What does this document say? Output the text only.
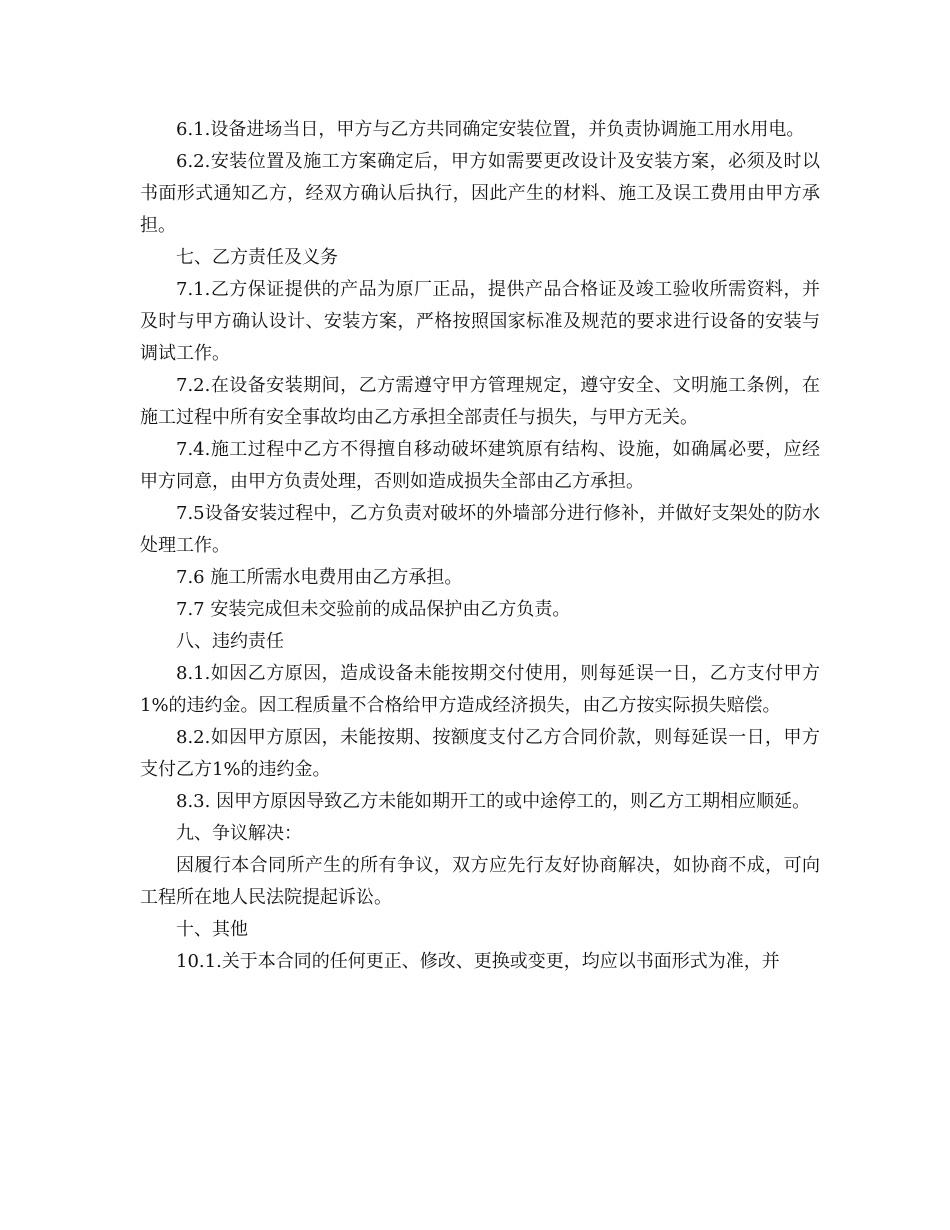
6.1.设备进场当日，甲方与乙方共同确定安装位置，并负责协调施工用水用电。

6.2.安装位置及施工方案确定后，甲方如需要更改设计及安装方案，必须及时以书面形式通知乙方，经双方确认后执行，因此产生的材料、施工及误工费用由甲方承担。

七、乙方责任及义务

7.1.乙方保证提供的产品为原厂正品，提供产品合格证及竣工验收所需资料，并及时与甲方确认设计、安装方案，严格按照国家标准及规范的要求进行设备的安装与调试工作。

7.2.在设备安装期间，乙方需遵守甲方管理规定，遵守安全、文明施工条例，在施工过程中所有安全事故均由乙方承担全部责任与损失，与甲方无关。

7.4.施工过程中乙方不得擅自移动破坏建筑原有结构、设施，如确属必要，应经甲方同意，由甲方负责处理，否则如造成损失全部由乙方承担。

7.5设备安装过程中，乙方负责对破坏的外墙部分进行修补，并做好支架处的防水处理工作。

7.6 施工所需水电费用由乙方承担。

7.7 安装完成但未交验前的成品保护由乙方负责。

八、违约责任

8.1.如因乙方原因，造成设备未能按期交付使用，则每延误一日，乙方支付甲方1%的违约金。因工程质量不合格给甲方造成经济损失，由乙方按实际损失赔偿。

8.2.如因甲方原因，未能按期、按额度支付乙方合同价款，则每延误一日，甲方支付乙方1%的违约金。

8.3. 因甲方原因导致乙方未能如期开工的或中途停工的，则乙方工期相应顺延。

九、争议解决：

因履行本合同所产生的所有争议，双方应先行友好协商解决，如协商不成，可向工程所在地人民法院提起诉讼。

十、其他

10.1.关于本合同的任何更正、修改、更换或变更，均应以书面形式为准，并
